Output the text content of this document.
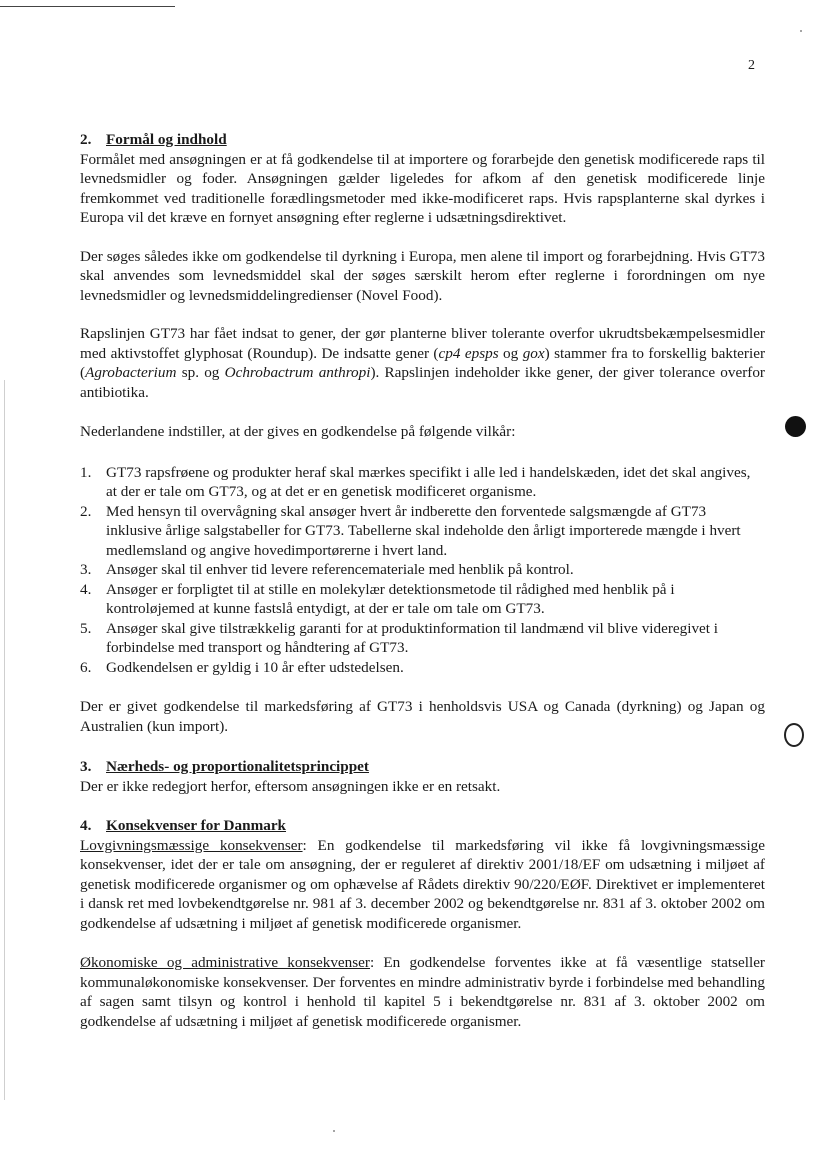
2
2. Formål og indhold

Formålet med ansøgningen er at få godkendelse til at importere og forarbejde den genetisk modificerede raps til levnedsmidler og foder. Ansøgningen gælder ligeledes for afkom af den genetisk modificerede linje fremkommet ved traditionelle forædlingsmetoder med ikke-modificeret raps. Hvis rapsplanterne skal dyrkes i Europa vil det kræve en fornyet ansøgning efter reglerne i udsætningsdirektivet.

Der søges således ikke om godkendelse til dyrkning i Europa, men alene til import og forarbejdning. Hvis GT73 skal anvendes som levnedsmiddel skal der søges særskilt herom efter reglerne i forordningen om nye levnedsmidler og levnedsmiddelingredienser (Novel Food).

Rapslinjen GT73 har fået indsat to gener, der gør planterne bliver tolerante overfor ukrudtsbekæmpelsesmidler med aktivstoffet glyphosat (Roundup). De indsatte gener (cp4 epsps og gox) stammer fra to forskellig bakterier (Agrobacterium sp. og Ochrobactrum anthropi). Rapslinjen indeholder ikke gener, der giver tolerance overfor antibiotika.

Nederlandene indstiller, at der gives en godkendelse på følgende vilkår:

1. GT73 rapsfrøene og produkter heraf skal mærkes specifikt i alle led i handelskæden, idet det skal angives, at der er tale om GT73, og at det er en genetisk modificeret organisme.
2. Med hensyn til overvågning skal ansøger hvert år indberette den forventede salgsmængde af GT73 inklusive årlige salgstabeller for GT73. Tabellerne skal indeholde den årligt importerede mængde i hvert medlemsland og angive hovedimportørerne i hvert land.
3. Ansøger skal til enhver tid levere referencemateriale med henblik på kontrol.
4. Ansøger er forpligtet til at stille en molekylær detektionsmetode til rådighed med henblik på i kontroløjemed at kunne fastslå entydigt, at der er tale om tale om GT73.
5. Ansøger skal give tilstrækkelig garanti for at produktinformation til landmænd vil blive videregivet i forbindelse med transport og håndtering af GT73.
6. Godkendelsen er gyldig i 10 år efter udstedelsen.

Der er givet godkendelse til markedsføring af GT73 i henholdsvis USA og Canada (dyrkning) og Japan og Australien (kun import).

3. Nærheds- og proportionalitetsprincippet

Der er ikke redegjort herfor, eftersom ansøgningen ikke er en retsakt.

4. Konsekvenser for Danmark

Lovgivningsmæssige konsekvenser: En godkendelse til markedsføring vil ikke få lovgivningsmæssige konsekvenser, idet der er tale om ansøgning, der er reguleret af direktiv 2001/18/EF om udsætning i miljøet af genetisk modificerede organismer og om ophævelse af Rådets direktiv 90/220/EØF. Direktivet er implementeret i dansk ret med lovbekendtgørelse nr. 981 af 3. december 2002 og bekendtgørelse nr. 831 af 3. oktober 2002 om godkendelse af udsætning i miljøet af genetisk modificerede organismer.

Økonomiske og administrative konsekvenser: En godkendelse forventes ikke at få væsentlige statseller kommunaløkonomiske konsekvenser. Der forventes en mindre administrativ byrde i forbindelse med behandling af sagen samt tilsyn og kontrol i henhold til kapitel 5 i bekendtgørelse nr. 831 af 3. oktober 2002 om godkendelse af udsætning i miljøet af genetisk modificerede organismer.
